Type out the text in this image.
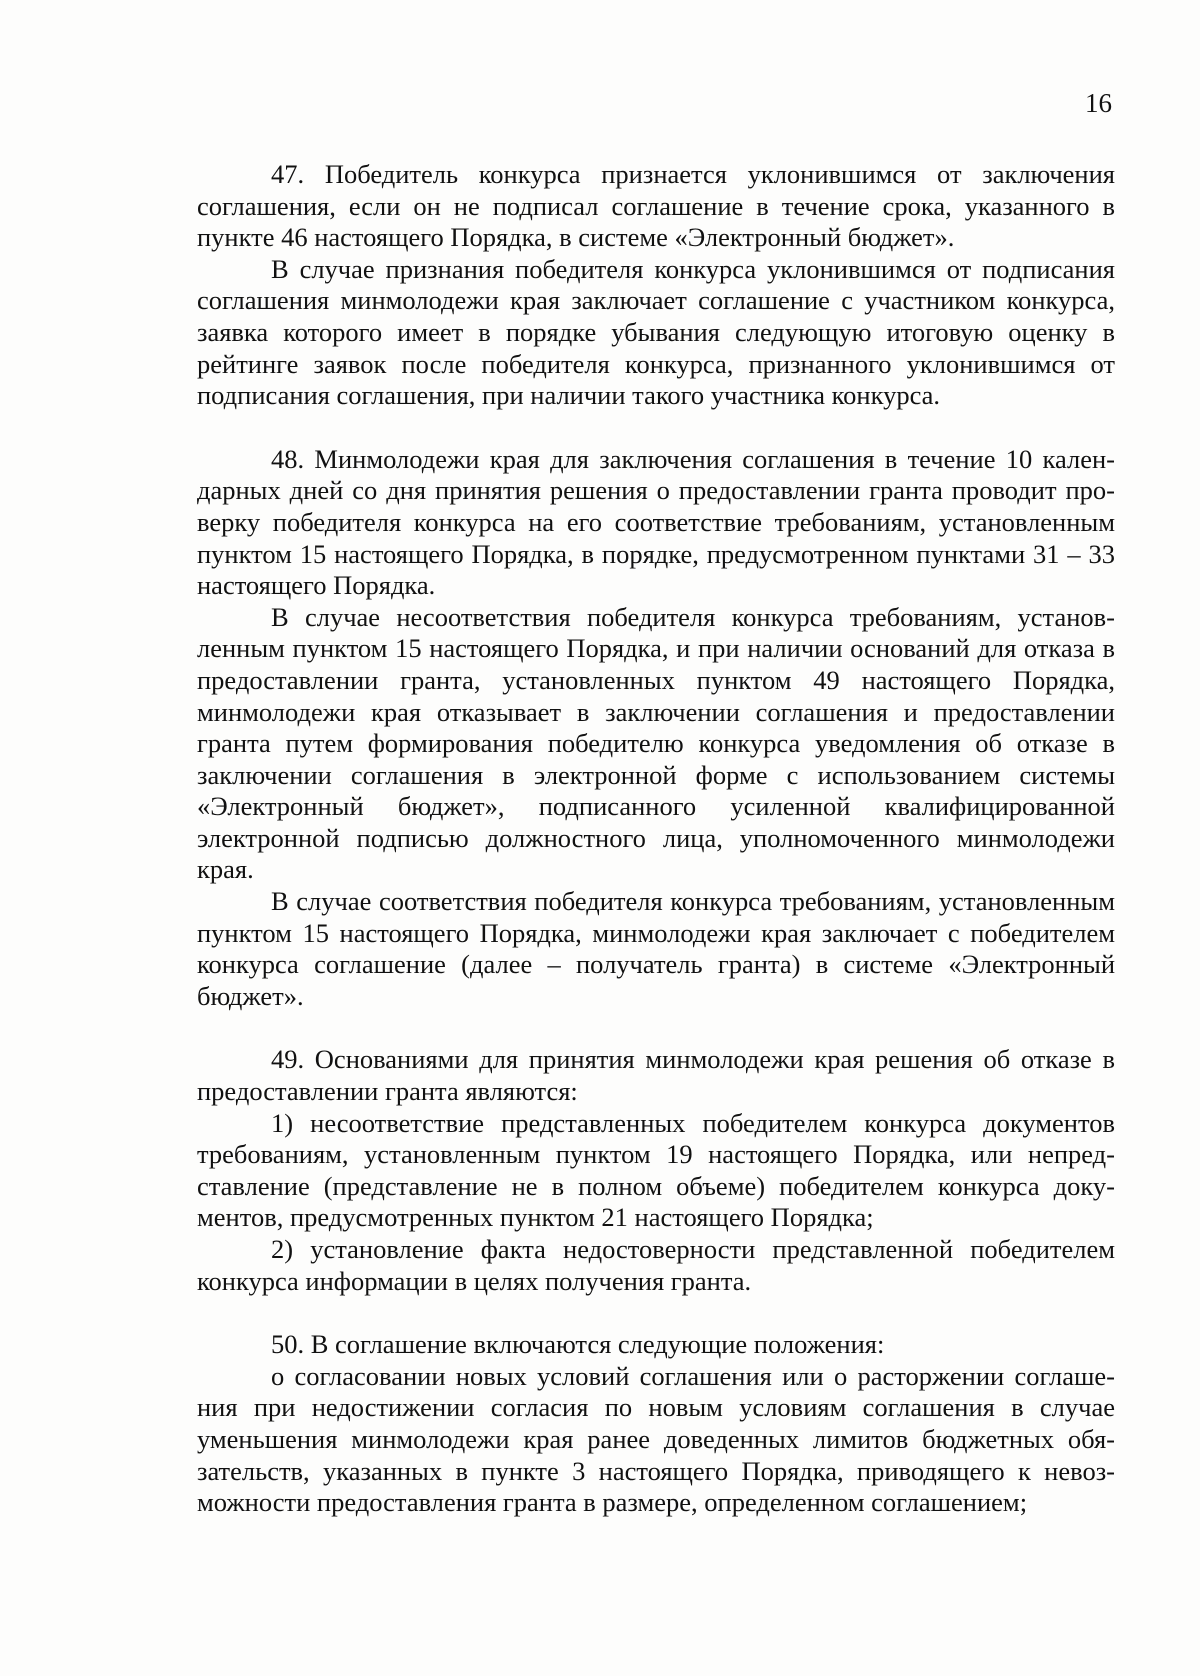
16

47. Победитель конкурса признается уклонившимся от заключения соглашения, если он не подписал соглашение в течение срока, указанного в пункте 46 настоящего Порядка, в системе «Электронный бюджет».

В случае признания победителя конкурса уклонившимся от подписания соглашения минмолодежи края заключает соглашение с участником конкурса, заявка которого имеет в порядке убывания следующую итоговую оценку в рейтинге заявок после победителя конкурса, признанного уклонившимся от подписания соглашения, при наличии такого участника конкурса.

48. Минмолодежи края для заключения соглашения в течение 10 календарных дней со дня принятия решения о предоставлении гранта проводит проверку победителя конкурса на его соответствие требованиям, установленным пунктом 15 настоящего Порядка, в порядке, предусмотренном пунктами 31 – 33 настоящего Порядка.

В случае несоответствия победителя конкурса требованиям, установленным пунктом 15 настоящего Порядка, и при наличии оснований для отказа в предоставлении гранта, установленных пунктом 49 настоящего Порядка, минмолодежи края отказывает в заключении соглашения и предоставлении гранта путем формирования победителю конкурса уведомления об отказе в заключении соглашения в электронной форме с использованием системы «Электронный бюджет», подписанного усиленной квалифицированной электронной подписью должностного лица, уполномоченного минмолодежи края.

В случае соответствия победителя конкурса требованиям, установленным пунктом 15 настоящего Порядка, минмолодежи края заключает с победителем конкурса соглашение (далее – получатель гранта) в системе «Электронный бюджет».

49. Основаниями для принятия минмолодежи края решения об отказе в предоставлении гранта являются:

1) несоответствие представленных победителем конкурса документов требованиям, установленным пунктом 19 настоящего Порядка, или непредставление (представление не в полном объеме) победителем конкурса документов, предусмотренных пунктом 21 настоящего Порядка;

2) установление факта недостоверности представленной победителем конкурса информации в целях получения гранта.

50. В соглашение включаются следующие положения:

о согласовании новых условий соглашения или о расторжении соглашения при недостижении согласия по новым условиям соглашения в случае уменьшения минмолодежи края ранее доведенных лимитов бюджетных обязательств, указанных в пункте 3 настоящего Порядка, приводящего к невозможности предоставления гранта в размере, определенном соглашением;
